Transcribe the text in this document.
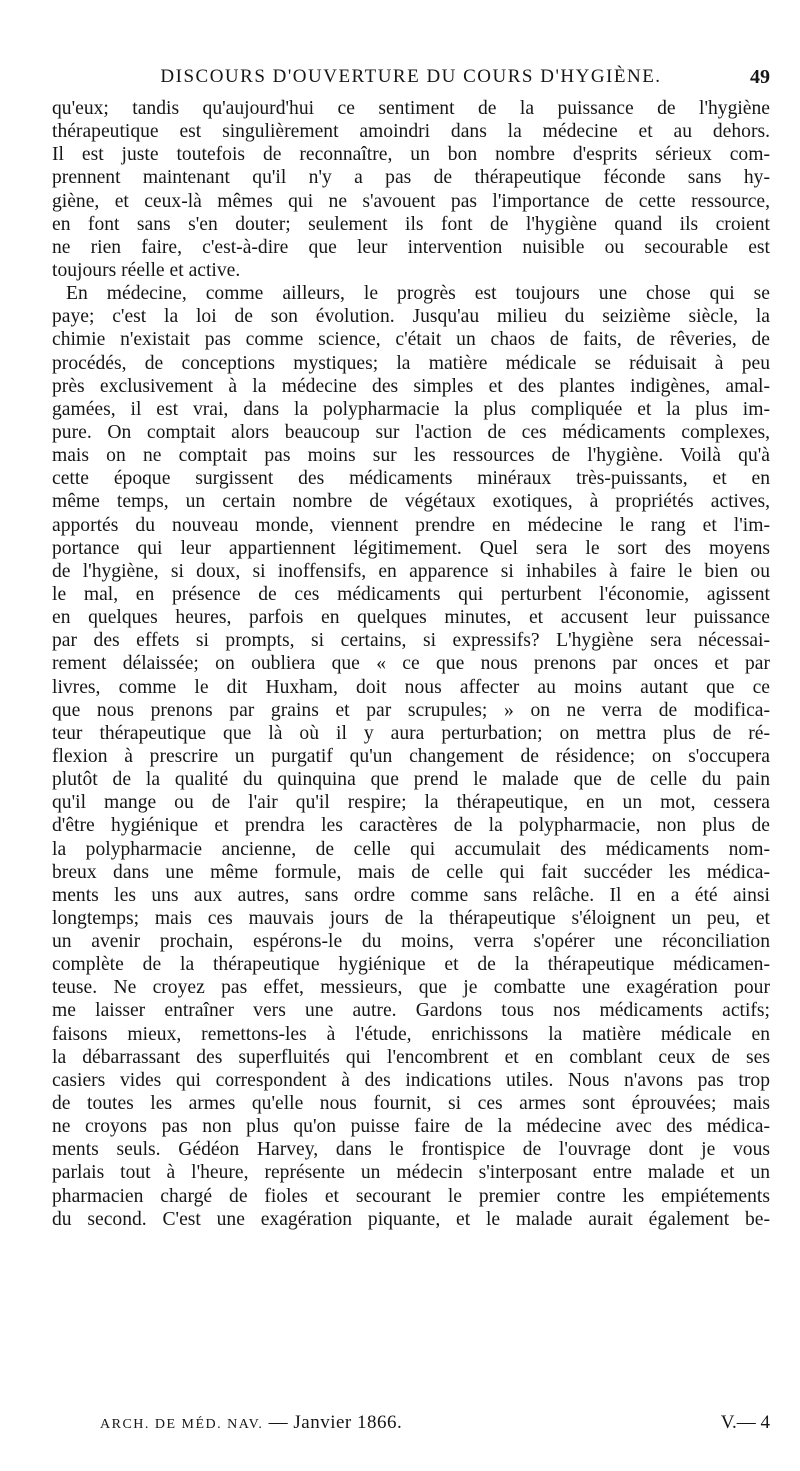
DISCOURS D'OUVERTURE DU COURS D'HYGIÈNE.	49
qu'eux; tandis qu'aujourd'hui ce sentiment de la puissance de l'hygiène
thérapeutique est singulièrement amoindri dans la médecine et au dehors.
Il est juste toutefois de reconnaître, un bon nombre d'esprits sérieux com-
prennent maintenant qu'il n'y a pas de thérapeutique féconde sans hy-
giène, et ceux-là mêmes qui ne s'avouent pas l'importance de cette ressource,
en font sans s'en douter; seulement ils font de l'hygiène quand ils croient
ne rien faire, c'est-à-dire que leur intervention nuisible ou secourable est
toujours réelle et active.
En médecine, comme ailleurs, le progrès est toujours une chose qui se
paye; c'est la loi de son évolution. Jusqu'au milieu du seizième siècle, la
chimie n'existait pas comme science, c'était un chaos de faits, de rêveries, de
procédés, de conceptions mystiques; la matière médicale se réduisait à peu
près exclusivement à la médecine des simples et des plantes indigènes, amal-
gamées, il est vrai, dans la polypharmacie la plus compliquée et la plus im-
pure. On comptait alors beaucoup sur l'action de ces médicaments complexes,
mais on ne comptait pas moins sur les ressources de l'hygiène. Voilà qu'à
cette époque surgissent des médicaments minéraux très-puissants, et en
même temps, un certain nombre de végétaux exotiques, à propriétés actives,
apportés du nouveau monde, viennent prendre en médecine le rang et l'im-
portance qui leur appartiennent légitimement. Quel sera le sort des moyens
de l'hygiène, si doux, si inoffensifs, en apparence si inhabiles à faire le bien ou
le mal, en présence de ces médicaments qui perturbent l'économie, agissent
en quelques heures, parfois en quelques minutes, et accusent leur puissance
par des effets si prompts, si certains, si expressifs? L'hygiène sera nécessai-
rement délaissée; on oubliera que « ce que nous prenons par onces et par
livres, comme le dit Huxham, doit nous affecter au moins autant que ce
que nous prenons par grains et par scrupules; » on ne verra de modifica-
teur thérapeutique que là où il y aura perturbation; on mettra plus de ré-
flexion à prescrire un purgatif qu'un changement de résidence; on s'occupera
plutôt de la qualité du quinquina que prend le malade que de celle du pain
qu'il mange ou de l'air qu'il respire; la thérapeutique, en un mot, cessera
d'être hygiénique et prendra les caractères de la polypharmacie, non plus de
la polypharmacie ancienne, de celle qui accumulait des médicaments nom-
breux dans une même formule, mais de celle qui fait succéder les médica-
ments les uns aux autres, sans ordre comme sans relâche. Il en a été ainsi
longtemps; mais ces mauvais jours de la thérapeutique s'éloignent un peu, et
un avenir prochain, espérons-le du moins, verra s'opérer une réconciliation
complète de la thérapeutique hygiénique et de la thérapeutique médicamen-
teuse. Ne croyez pas effet, messieurs, que je combatte une exagération pour
me laisser entraîner vers une autre. Gardons tous nos médicaments actifs;
faisons mieux, remettons-les à l'étude, enrichissons la matière médicale en
la débarrassant des superfluités qui l'encombrent et en comblant ceux de ses
casiers vides qui correspondent à des indications utiles. Nous n'avons pas trop
de toutes les armes qu'elle nous fournit, si ces armes sont éprouvées; mais
ne croyons pas non plus qu'on puisse faire de la médecine avec des médica-
ments seuls. Gédéon Harvey, dans le frontispice de l'ouvrage dont je vous
parlais tout à l'heure, représente un médecin s'interposant entre malade et un
pharmacien chargé de fioles et secourant le premier contre les empiétements
du second. C'est une exagération piquante, et le malade aurait également be-
ARCH. DE MÉD. NAV. — Janvier 1866.	V.— 4
